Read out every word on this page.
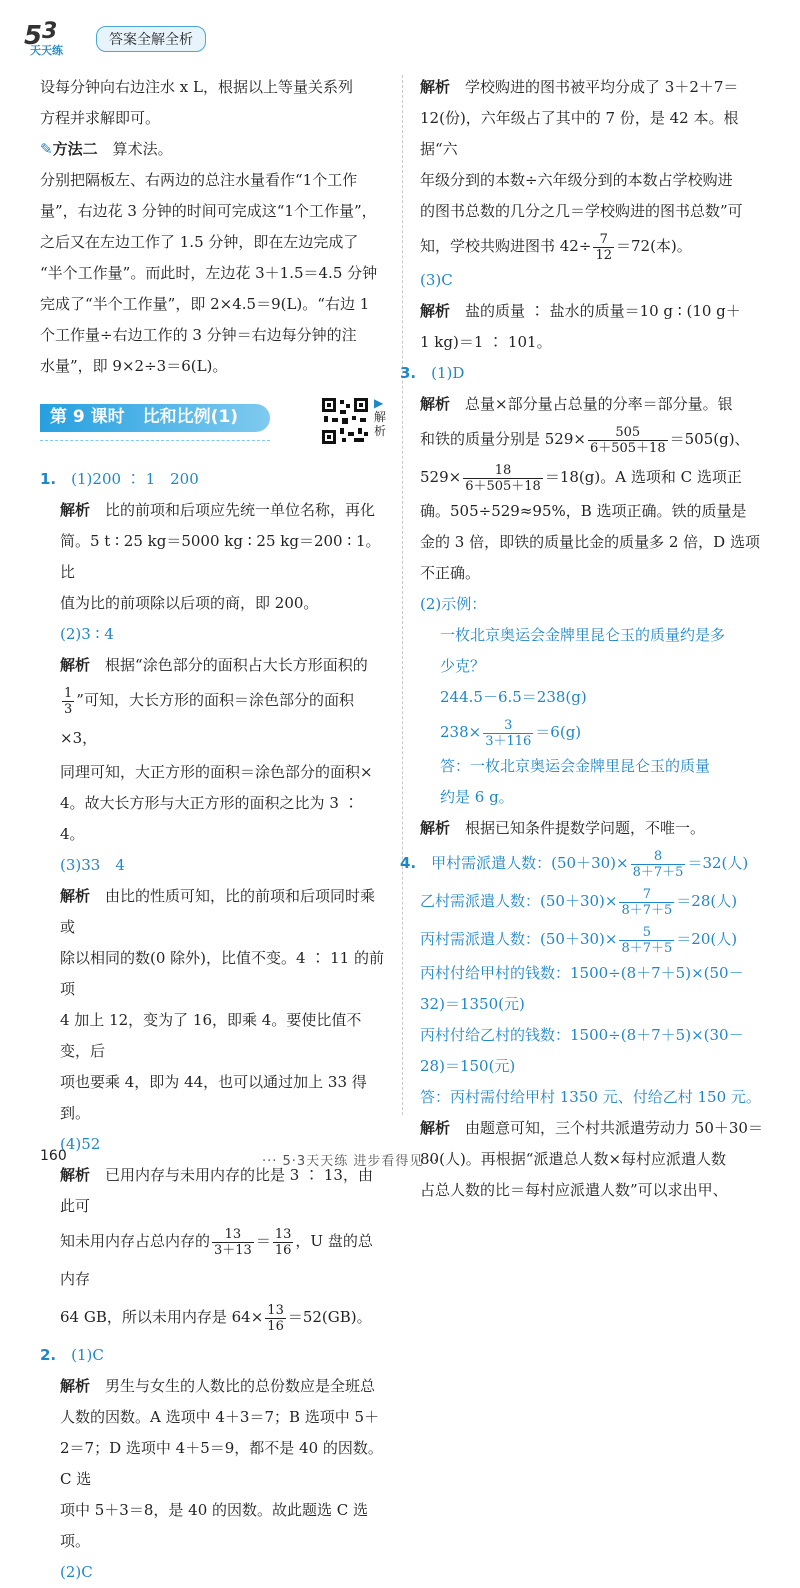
5 3
天天练
答案全解全析

设每分钟向右边注水 x L，根据以上等量关系列

方程并求解即可。

✎方法二　 算术法。

分别把隔板左、右两边的总注水量看作“1个工作

量”，右边花 3 分钟的时间可完成这“1个工作量”，

之后又在左边工作了 1.5 分钟，即在左边完成了

“半个工作量”。而此时，左边花 3＋1.5＝4.5 分钟

完成了“半个工作量”，即 2×4.5＝9(L)。“右边 1

个工作量÷右边工作的 3 分钟＝右边每分钟的注

水量”，即 9×2÷3＝6(L)。

第 9 课时 比和比例(1)
▶解析

1.　 (1)200 ∶ 1　200

解析　 比的前项和后项应先统一单位名称，再化

简。5 t ∶ 25 kg＝5000 kg ∶ 25 kg＝200 ∶ 1。比

值为比的前项除以后项的商，即 200。

(2)3 ∶ 4

解析　 根据“涂色部分的面积占大长方形面积的

$\frac{1}{3}$ ”可知，大长方形的面积＝涂色部分的面积×3，

同理可知，大正方形的面积＝涂色部分的面积×

4。故大长方形与大正方形的面积之比为 3 ∶ 4。

(3)33　4

解析　 由比的性质可知，比的前项和后项同时乘或

除以相同的数(0 除外)，比值不变。4 ∶ 11 的前项

4 加上 12，变为了 16，即乘 4。要使比值不变，后

项也要乘 4，即为 44，也可以通过加上 33 得到。

(4)52

解析　 已用内存与未用内存的比是 3 ∶ 13，由此可

知未用内存占总内存的 $\frac{13}{3+13} = \frac{13}{16}$ ，U 盘的总内存

64 GB，所以未用内存是 $64\times \frac{13}{16} =52(GB)$。

2.　 (1)C

解析　 男生与女生的人数比的总份数应是全班总

人数的因数。A 选项中 4＋3＝7；B 选项中 5＋

2＝7；D 选项中 4＋5＝9，都不是 40 的因数。C 选

项中 5＋3＝8，是 40 的因数。故此题选 C 选项。

(2)C

解析　 学校购进的图书被平均分成了 3＋2＋7＝

12(份)，六年级占了其中的 7 份，是 42 本。根据“六

年级分到的本数÷六年级分到的本数占学校购进

的图书总数的几分之几＝学校购进的图书总数”可

知，学校共购进图书 $42\div \frac{7}{12} =72$(本)。

(3)C

解析　 盐的质量 ∶ 盐水的质量＝10 g ∶ (10 g＋

1 kg)＝1 ∶ 101。

3.　 (1)D

解析　 总量×部分量占总量的分率＝部分量。银

和铁的质量分别是 $529\times \frac{505}{6+505+18} =505(g)$、

$529\times \frac{18}{6+505+18} =18(g)$。A 选项和 C 选项正

确。505÷529≈95%，B 选项正确。铁的质量是

金的 3 倍，即铁的质量比金的质量多 2 倍，D 选项

不正确。

(2)示例：

一枚北京奥运会金牌里昆仑玉的质量约是多

少克？

244.5－6.5＝238(g)

$238\times \frac{3}{3+116} =6(g)$

答：一枚北京奥运会金牌里昆仑玉的质量

约是 6 g。

解析　 根据已知条件提数学问题，不唯一。

4.　 甲村需派遣人数：$(50+30)\times \frac{8}{8+7+5} =32$(人)

乙村需派遣人数：$(50+30)\times \frac{7}{8+7+5} =28$(人)

丙村需派遣人数：$(50+30)\times \frac{5}{8+7+5} =20$(人)

丙村付给甲村的钱数：1500÷(8＋7＋5)×(50－

32)＝1350(元)

丙村付给乙村的钱数：1500÷(8＋7＋5)×(30－

28)＝150(元)

答：丙村需付给甲村 1350 元、付给乙村 150 元。

解析　 由题意可知，三个村共派遣劳动力 50＋30＝

80(人)。再根据“派遣总人数×每村应派遣人数

占总人数的比＝每村应派遣人数”可以求出甲、

160	··· 5·3天天练 进步看得见 ···
